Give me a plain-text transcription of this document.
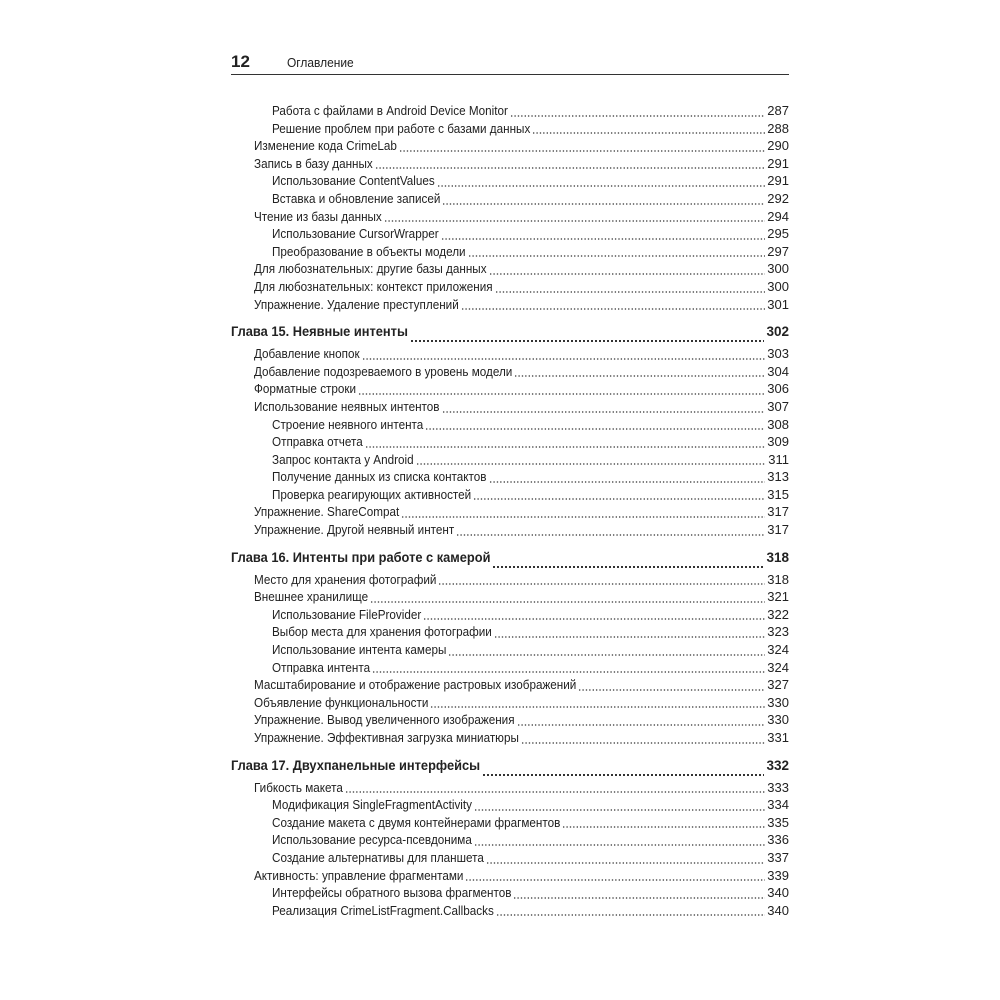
12	Оглавление
Работа с файлами в Android Device Monitor	287
Решение проблем при работе с базами данных	288
Изменение кода CrimeLab	290
Запись в базу данных	291
Использование ContentValues	291
Вставка и обновление записей	292
Чтение из базы данных	294
Использование CursorWrapper	295
Преобразование в объекты модели	297
Для любознательных: другие базы данных	300
Для любознательных: контекст приложения	300
Упражнение. Удаление преступлений	301
Глава 15. Неявные интенты	302
Добавление кнопок	303
Добавление подозреваемого в уровень модели	304
Форматные строки	306
Использование неявных интентов	307
Строение неявного интента	308
Отправка отчета	309
Запрос контакта у Android	311
Получение данных из списка контактов	313
Проверка реагирующих активностей	315
Упражнение. ShareCompat	317
Упражнение. Другой неявный интент	317
Глава 16. Интенты при работе с камерой	318
Место для хранения фотографий	318
Внешнее хранилище	321
Использование FileProvider	322
Выбор места для хранения фотографии	323
Использование интента камеры	324
Отправка интента	324
Масштабирование и отображение растровых изображений	327
Объявление функциональности	330
Упражнение. Вывод увеличенного изображения	330
Упражнение. Эффективная загрузка миниатюры	331
Глава 17. Двухпанельные интерфейсы	332
Гибкость макета	333
Модификация SingleFragmentActivity	334
Создание макета с двумя контейнерами фрагментов	335
Использование ресурса-псевдонима	336
Создание альтернативы для планшета	337
Активность: управление фрагментами	339
Интерфейсы обратного вызова фрагментов	340
Реализация CrimeListFragment.Callbacks	340
